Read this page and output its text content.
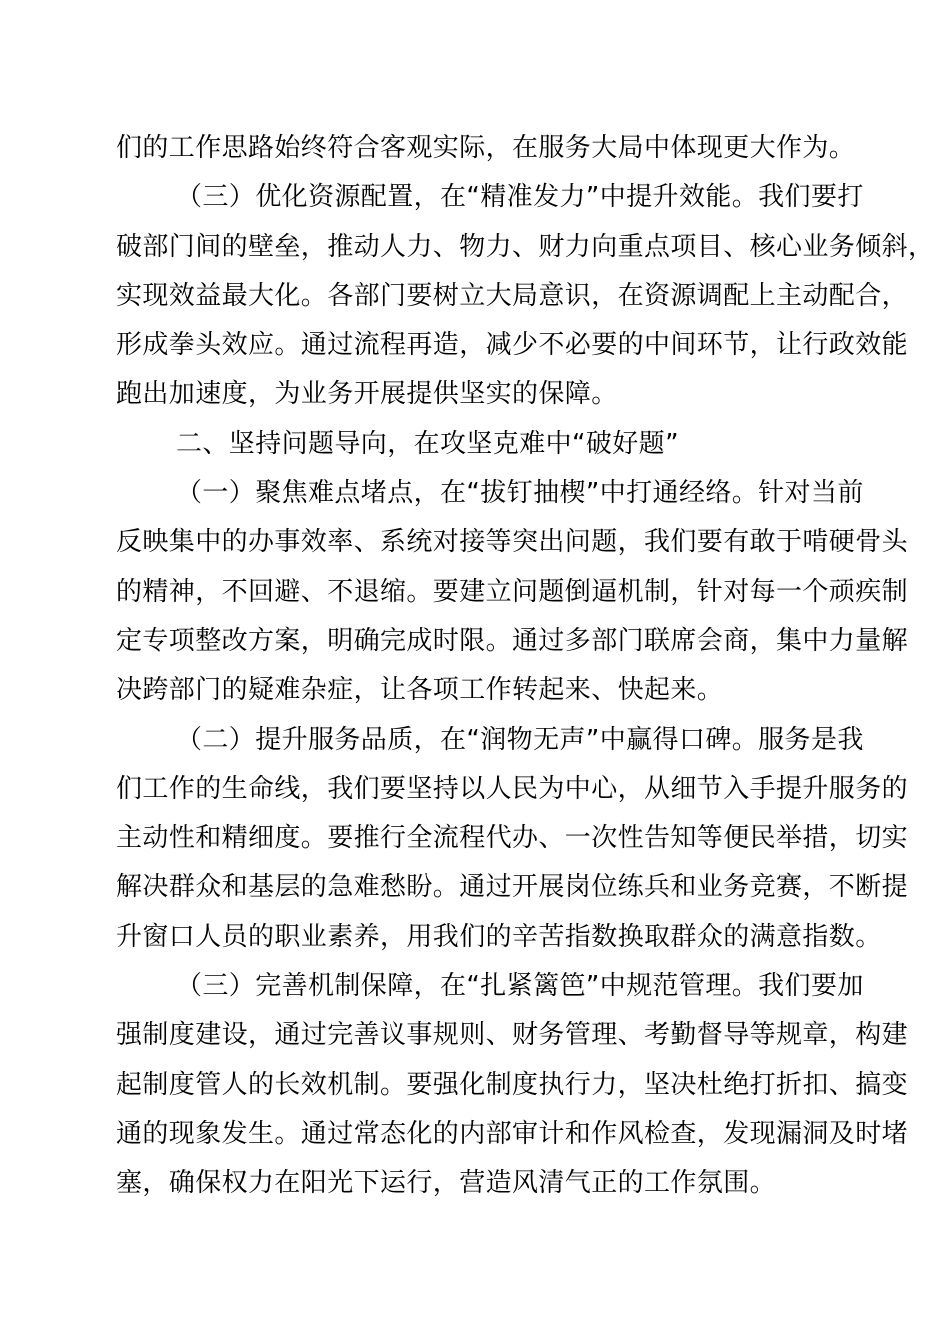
们的工作思路始终符合客观实际，在服务大局中体现更大作为。
（三）优化资源配置，在“精准发力”中提升效能。我们要打
破部门间的壁垒，推动人力、物力、财力向重点项目、核心业务倾斜，
实现效益最大化。各部门要树立大局意识，在资源调配上主动配合，
形成拳头效应。通过流程再造，减少不必要的中间环节，让行政效能
跑出加速度，为业务开展提供坚实的保障。
二、坚持问题导向，在攻坚克难中“破好题”
（一）聚焦难点堵点，在“拔钉抽楔”中打通经络。针对当前
反映集中的办事效率、系统对接等突出问题，我们要有敢于啃硬骨头
的精神，不回避、不退缩。要建立问题倒逼机制，针对每一个顽疾制
定专项整改方案，明确完成时限。通过多部门联席会商，集中力量解
决跨部门的疑难杂症，让各项工作转起来、快起来。
（二）提升服务品质，在“润物无声”中赢得口碑。服务是我
们工作的生命线，我们要坚持以人民为中心，从细节入手提升服务的
主动性和精细度。要推行全流程代办、一次性告知等便民举措，切实
解决群众和基层的急难愁盼。通过开展岗位练兵和业务竞赛，不断提
升窗口人员的职业素养，用我们的辛苦指数换取群众的满意指数。
（三）完善机制保障，在“扎紧篱笆”中规范管理。我们要加
强制度建设，通过完善议事规则、财务管理、考勤督导等规章，构建
起制度管人的长效机制。要强化制度执行力，坚决杜绝打折扣、搞变
通的现象发生。通过常态化的内部审计和作风检查，发现漏洞及时堵
塞，确保权力在阳光下运行，营造风清气正的工作氛围。
